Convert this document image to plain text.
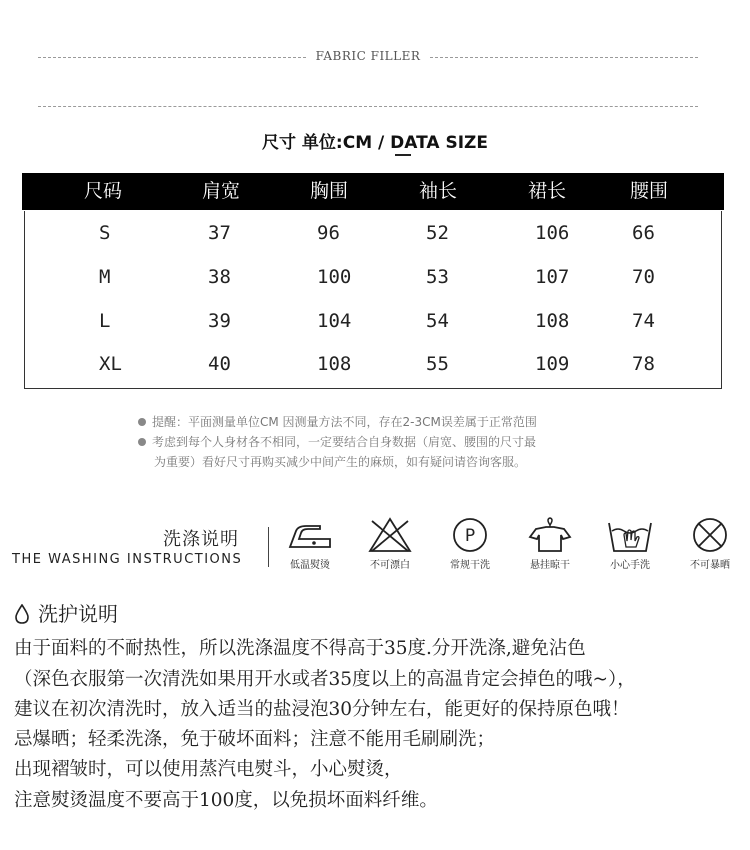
FABRIC FILLER
尺寸 单位:CM / DATA SIZE
尺码	肩宽	胸围	袖长	裙长	腰围
S	37	96	52	106	66
M	38	100	53	107	70
L	39	104	54	108	74
XL	40	108	55	109	78
提醒：平面测量单位CM 因测量方法不同，存在2-3CM误差属于正常范围
考虑到每个人身材各不相同，一定要结合自身数据（肩宽、腰围的尺寸最
为重要）看好尺寸再购买减少中间产生的麻烦，如有疑问请咨询客服。
洗涤说明
THE WASHING INSTRUCTIONS	低温熨烫	不可漂白
P
常规干洗	悬挂晾干	小心手洗	不可暴晒
洗护说明
由于面料的不耐热性，所以洗涤温度不得高于35度.分开洗涤,避免沾色
（深色衣服第一次清洗如果用开水或者35度以上的高温肯定会掉色的哦~），
建议在初次清洗时，放入适当的盐浸泡30分钟左右，能更好的保持原色哦！
忌爆晒；轻柔洗涤，免于破坏面料；注意不能用毛刷刷洗；
出现褶皱时，可以使用蒸汽电熨斗，小心熨烫，
注意熨烫温度不要高于100度，以免损坏面料纤维。
